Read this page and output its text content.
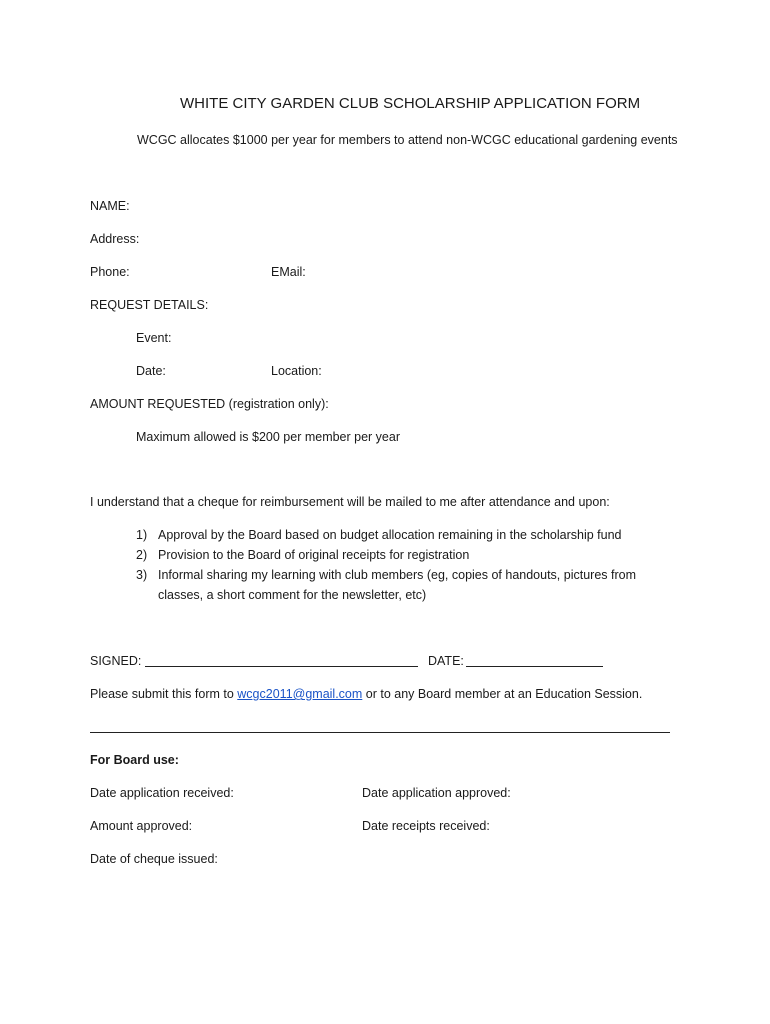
WHITE CITY GARDEN CLUB SCHOLARSHIP APPLICATION FORM
WCGC allocates $1000 per year for members to attend non-WCGC educational gardening events
NAME:
Address:
Phone:	EMail:
REQUEST DETAILS:
Event:
Date:	Location:
AMOUNT REQUESTED (registration only):
Maximum allowed is $200 per member per year
I understand that a cheque for reimbursement will be mailed to me after attendance and upon:
1) Approval by the Board based on budget allocation remaining in the scholarship fund
2) Provision to the Board of original receipts for registration
3) Informal sharing my learning with club members (eg, copies of handouts, pictures from
classes, a short comment for the newsletter, etc)
SIGNED:	DATE:
Please submit this form to wcgc2011@gmail.com or to any Board member at an Education Session.
For Board use:
Date application received:	Date application approved:
Amount approved:	Date receipts received:
Date of cheque issued:
